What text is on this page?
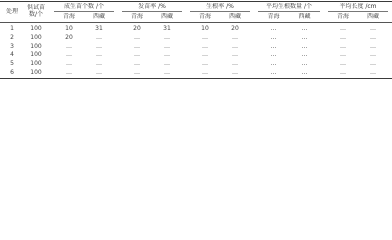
处理
供试苗
数/个
成生苗个数 /个	发苗率 /%	生根率 /%	平均生根数量 /个	平均长度 /cm
青海	西藏	青海	西藏	青海	西藏	青海	西藏	青海	西藏
1	100	10	31	20	31	10	20	…	…	…	…
2	100	20	…	…	…	…	…	…	…	…	…
3	100	…	…	…	…	…	…	…	…	…	…
4	100	…	…	…	…	…	…	…	…	…	…
5	100	…	…	…	…	…	…	…	…	…	…
6	100	…	…	…	…	…	…	…	…	…	…
